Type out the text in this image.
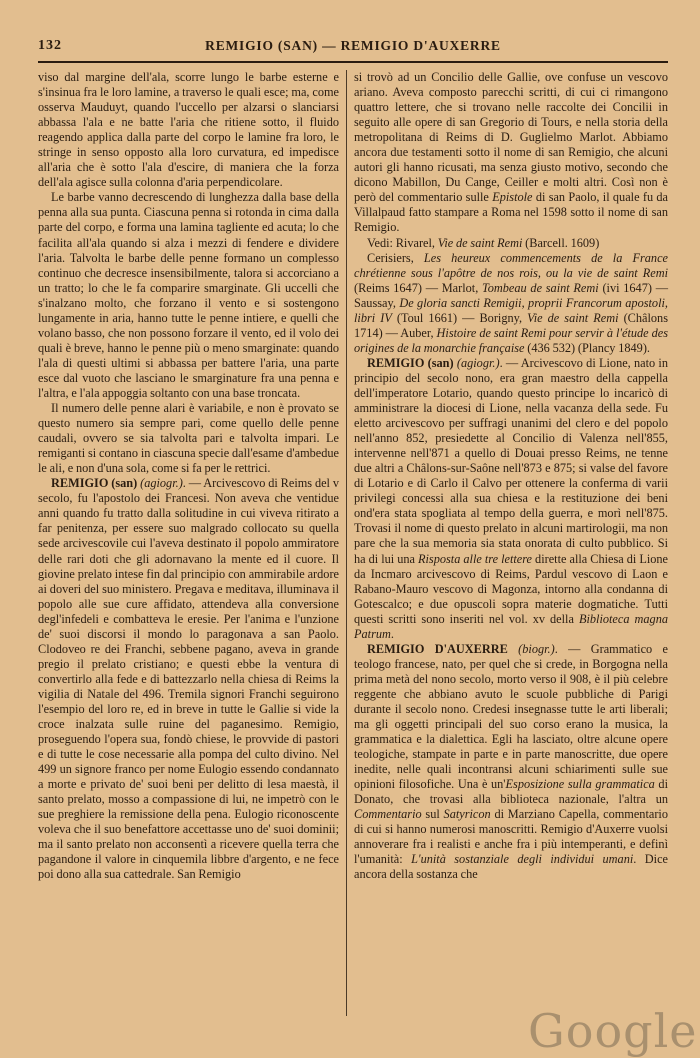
132	REMIGIO (SAN) — REMIGIO D'AUXERRE

viso dal margine dell'ala, scorre lungo le barbe esterne e s'insinua fra le loro lamine, a traverso le quali esce; ma, come osserva Mauduyt, quando l'uccello per alzarsi o slanciarsi abbassa l'ala e ne batte l'aria che ritiene sotto, il fluido reagendo applica dalla parte del corpo le lamine fra loro, le stringe in senso opposto alla loro curvatura, ed impedisce all'aria che è sotto l'ala d'escire, di maniera che la forza dell'ala agisce sulla colonna d'aria perpendicolare.

Le barbe vanno decrescendo di lunghezza dalla base della penna alla sua punta. Ciascuna penna si rotonda in cima dalla parte del corpo, e forma una lamina tagliente ed acuta; lo che facilita all'ala quando si alza i mezzi di fendere e dividere l'aria. Talvolta le barbe delle penne formano un complesso continuo che decresce insensibilmente, talora si accorciano a un tratto; lo che le fa comparire smarginate. Gli uccelli che s'inalzano molto, che forzano il vento e si sostengono lungamente in aria, hanno tutte le penne intiere, e quelli che volano basso, che non possono forzare il vento, ed il volo dei quali è breve, hanno le penne più o meno smarginate: quando l'ala di questi ultimi si abbassa per battere l'aria, una parte esce dal vuoto che lasciano le smarginature fra una penna e l'altra, e l'ala appoggia soltanto con una base troncata.

Il numero delle penne alari è variabile, e non è provato se questo numero sia sempre pari, come quello delle penne caudali, ovvero se sia talvolta pari e talvolta impari. Le remiganti si contano in ciascuna specie dall'esame d'ambedue le ali, e non d'una sola, come si fa per le rettrici.

REMIGIO (san) (agiogr.). — Arcivescovo di Reims del v secolo, fu l'apostolo dei Francesi. Non aveva che ventidue anni quando fu tratto dalla solitudine in cui viveva ritirato a far penitenza, per essere suo malgrado collocato su quella sede arcivescovile cui l'aveva destinato il popolo ammiratore delle rari doti che gli adornavano la mente ed il cuore. Il giovine prelato intese fin dal principio con ammirabile ardore ai doveri del suo ministero. Pregava e meditava, illuminava il popolo alle sue cure affidato, attendeva alla conversione degl'infedeli e combatteva le eresie. Per l'anima e l'unzione de' suoi discorsi il mondo lo paragonava a san Paolo. Clodoveo re dei Franchi, sebbene pagano, aveva in grande pregio il prelato cristiano; e questi ebbe la ventura di convertirlo alla fede e di battezzarlo nella chiesa di Reims la vigilia di Natale del 496. Tremila signori Franchi seguirono l'esempio del loro re, ed in breve in tutte le Gallie si vide la croce inalzata sulle ruine del paganesimo. Remigio, proseguendo l'opera sua, fondò chiese, le provvide di pastori e di tutte le cose necessarie alla pompa del culto divino. Nel 499 un signore franco per nome Eulogio essendo condannato a morte e privato de' suoi beni per delitto di lesa maestà, il santo prelato, mosso a compassione di lui, ne impetrò con le sue preghiere la remissione della pena. Eulogio riconoscente voleva che il suo benefattore accettasse uno de' suoi dominii; ma il santo prelato non acconsentì a ricevere quella terra che pagandone il valore in cinquemila libbre d'argento, e ne fece poi dono alla sua cattedrale. San Remigio

si trovò ad un Concilio delle Gallie, ove confuse un vescovo ariano. Aveva composto parecchi scritti, di cui ci rimangono quattro lettere, che si trovano nelle raccolte dei Concilii in seguito alle opere di san Gregorio di Tours, e nella storia della metropolitana di Reims di D. Guglielmo Marlot. Abbiamo ancora due testamenti sotto il nome di san Remigio, che alcuni autori gli hanno ricusati, ma senza giusto motivo, secondo che dicono Mabillon, Du Cange, Ceiller e molti altri. Così non è però del commentario sulle Epistole di san Paolo, il quale fu da Villalpaud fatto stampare a Roma nel 1598 sotto il nome di san Remigio.

Vedi: Rivarel, Vie de saint Remi (Barcell. 1609)

Cerisiers, Les heureux commencements de la France chrétienne sous l'apôtre de nos rois, ou la vie de saint Remi (Reims 1647) — Marlot, Tombeau de saint Remi (ivi 1647) — Saussay, De gloria sancti Remigii, proprii Francorum apostoli, libri IV (Toul 1661) — Borigny, Vie de saint Remi (Châlons 1714) — Auber, Histoire de saint Remi pour servir à l'étude des origines de la monarchie française (436 532) (Plancy 1849).

REMIGIO (san) (agiogr.). — Arcivescovo di Lione, nato in principio del secolo nono, era gran maestro della cappella dell'imperatore Lotario, quando questo principe lo incaricò di amministrare la diocesi di Lione, nella vacanza della sede. Fu eletto arcivescovo per suffragi unanimi del clero e del popolo nell'anno 852, presiedette al Concilio di Valenza nell'855, intervenne nell'871 a quello di Douai presso Reims, ne tenne due altri a Châlons-sur-Saône nell'873 e 875; si valse del favore di Lotario e di Carlo il Calvo per ottenere la conferma di varii privilegi concessi alla sua chiesa e la restituzione dei beni ond'era stata spogliata al tempo della guerra, e morì nell'875. Trovasi il nome di questo prelato in alcuni martirologii, ma non pare che la sua memoria sia stata onorata di culto pubblico. Si ha di lui una Risposta alle tre lettere dirette alla Chiesa di Lione da Incmaro arcivescovo di Reims, Pardul vescovo di Laon e Rabano-Mauro vescovo di Magonza, intorno alla condanna di Gotescalco; e due opuscoli sopra materie dogmatiche. Tutti questi scritti sono inseriti nel vol. xv della Biblioteca magna Patrum.

REMIGIO D'AUXERRE (biogr.). — Grammatico e teologo francese, nato, per quel che si crede, in Borgogna nella prima metà del nono secolo, morto verso il 908, è il più celebre reggente che abbiano avuto le scuole pubbliche di Parigi durante il secolo nono. Credesi insegnasse tutte le arti liberali; ma gli oggetti principali del suo corso erano la musica, la grammatica e la dialettica. Egli ha lasciato, oltre alcune opere teologiche, stampate in parte e in parte manoscritte, due opere inedite, nelle quali incontransi alcuni schiarimenti sulle sue opinioni filosofiche. Una è un'Esposizione sulla grammatica di Donato, che trovasi alla biblioteca nazionale, l'altra un Commentario sul Satyricon di Marziano Capella, commentario di cui si hanno numerosi manoscritti. Remigio d'Auxerre vuolsi annoverare fra i realisti e anche fra i più intemperanti, e definì l'umanità: L'unità sostanziale degli individui umani. Dice ancora della sostanza che

Google
